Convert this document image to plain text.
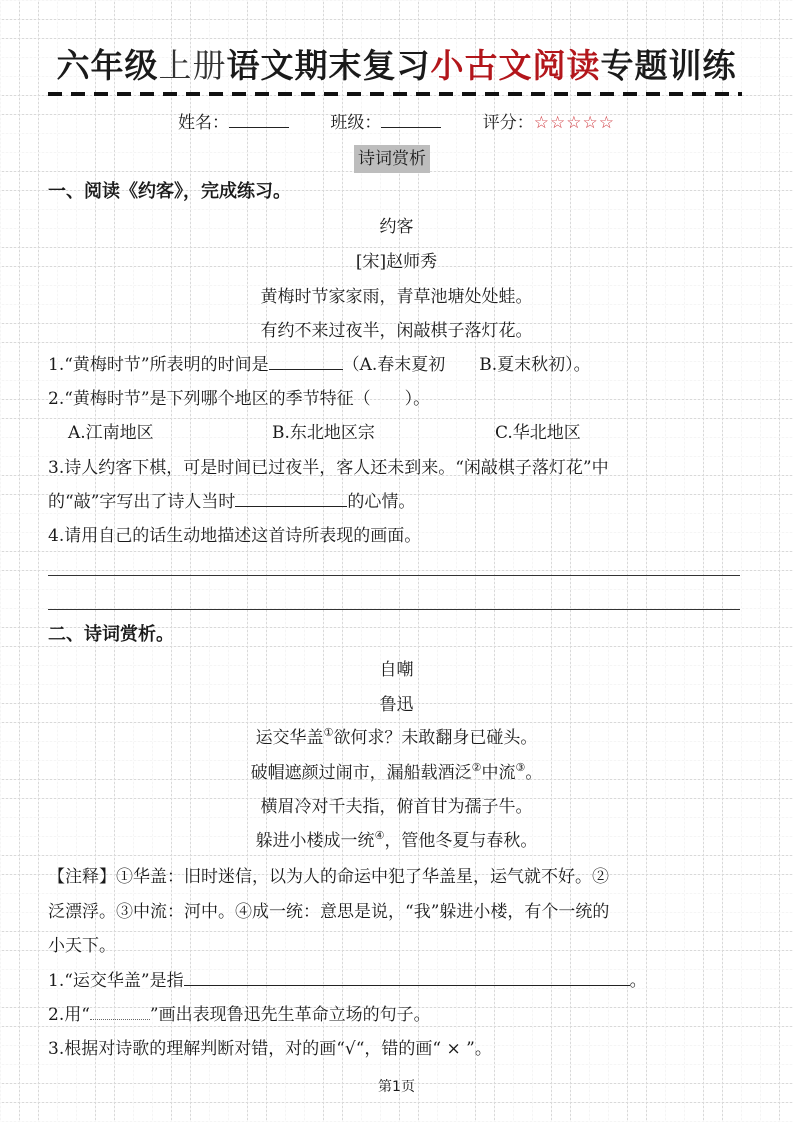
六年级上册语文期末复习小古文阅读专题训练
姓名：	班级：	评分：☆☆☆☆☆
诗词赏析
一、阅读《约客》，完成练习。
约客
[宋]赵师秀
黄梅时节家家雨，青草池塘处处蛙。
有约不来过夜半，闲敲棋子落灯花。
1.“黄梅时节”所表明的时间是	（A.春末夏初　　B.夏末秋初）。
2.“黄梅时节”是下列哪个地区的季节特征（　　）。
A.江南地区	B.东北地区宗	C.华北地区
3.诗人约客下棋，可是时间已过夜半，客人还未到来。“闲敲棋子落灯花”中
的“敲”字写出了诗人当时	的心情。
4.请用自己的话生动地描述这首诗所表现的画面。
二、诗词赏析。
自嘲
鲁迅
运交华盖①欲何求？未敢翻身已碰头。
破帽遮颜过闹市，漏船载酒泛②中流③。
横眉冷对千夫指，俯首甘为孺子牛。
躲进小楼成一统④，管他冬夏与春秋。
【注释】①华盖：旧时迷信，以为人的命运中犯了华盖星，运气就不好。②
泛漂浮。③中流：河中。④成一统：意思是说，“我”躲进小楼，有个一统的
小天下。
1.“运交华盖”是指	。
2.用“	”画出表现鲁迅先生革命立场的句子。
3.根据对诗歌的理解判断对错，对的画“√“，错的画“ × ”。
第1页
